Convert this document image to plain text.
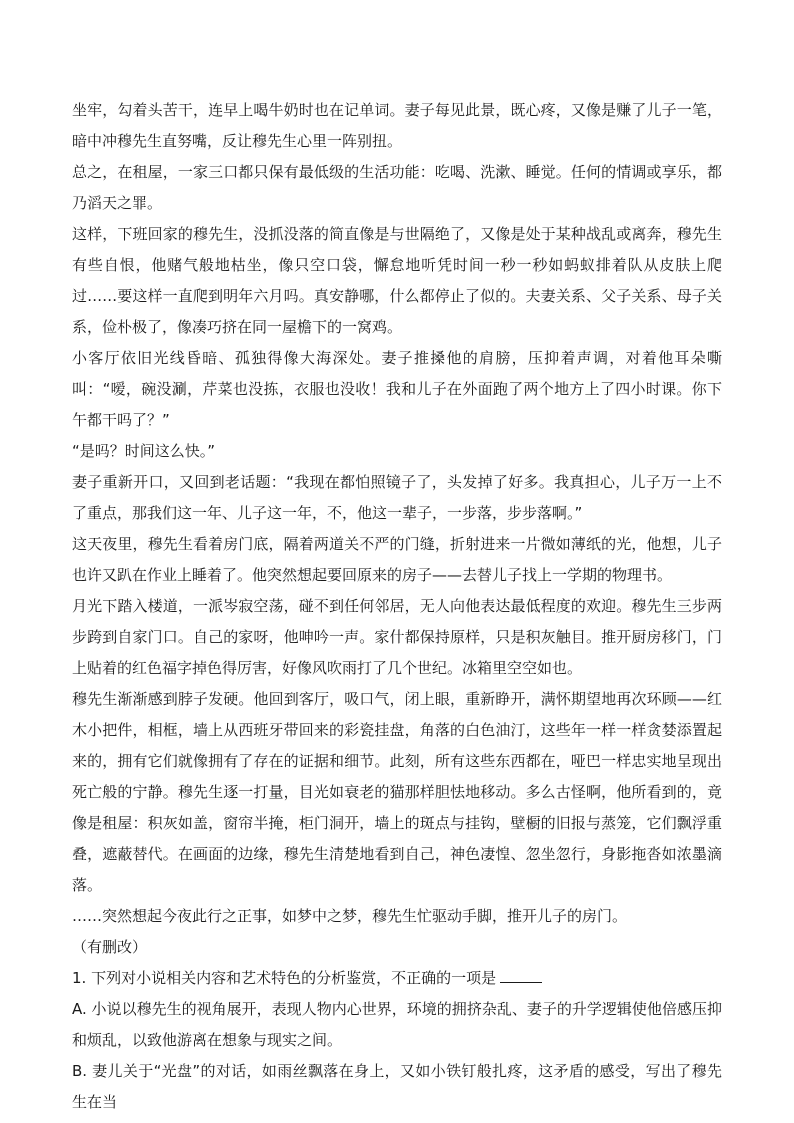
坐牢，勾着头苦干，连早上喝牛奶时也在记单词。妻子每见此景，既心疼，又像是赚了儿子一笔，暗中冲穆先生直努嘴，反让穆先生心里一阵别扭。

总之，在租屋，一家三口都只保有最低级的生活功能：吃喝、洗漱、睡觉。任何的情调或享乐，都乃滔天之罪。

这样，下班回家的穆先生，没抓没落的简直像是与世隔绝了，又像是处于某种战乱或离奔，穆先生有些自恨，他赌气般地枯坐，像只空口袋，懈怠地听凭时间一秒一秒如蚂蚁排着队从皮肤上爬过……要这样一直爬到明年六月吗。真安静哪，什么都停止了似的。夫妻关系、父子关系、母子关系，俭朴极了，像凑巧挤在同一屋檐下的一窝鸡。

小客厅依旧光线昏暗、孤独得像大海深处。妻子推搡他的肩膀，压抑着声调，对着他耳朵嘶叫：“嗳，碗没涮，芹菜也没拣，衣服也没收！我和儿子在外面跑了两个地方上了四小时课。你下午都干吗了？”

“是吗？时间这么快。”

妻子重新开口，又回到老话题：“我现在都怕照镜子了，头发掉了好多。我真担心，儿子万一上不了重点，那我们这一年、儿子这一年，不，他这一辈子，一步落，步步落啊。”

这天夜里，穆先生看着房门底，隔着两道关不严的门缝，折射进来一片微如薄纸的光，他想，儿子也许又趴在作业上睡着了。他突然想起要回原来的房子——去替儿子找上一学期的物理书。

月光下踏入楼道，一派岑寂空荡，碰不到任何邻居，无人向他表达最低程度的欢迎。穆先生三步两步跨到自家门口。自己的家呀，他呻吟一声。家什都保持原样，只是积灰触目。推开厨房移门，门上贴着的红色福字掉色得厉害，好像风吹雨打了几个世纪。冰箱里空空如也。

穆先生渐渐感到脖子发硬。他回到客厅，吸口气，闭上眼，重新睁开，满怀期望地再次环顾——红木小把件，相框，墙上从西班牙带回来的彩瓷挂盘，角落的白色油汀，这些年一样一样贪婪添置起来的，拥有它们就像拥有了存在的证据和细节。此刻，所有这些东西都在，哑巴一样忠实地呈现出死亡般的宁静。穆先生逐一打量，目光如衰老的猫那样胆怯地移动。多么古怪啊，他所看到的，竟像是租屋：积灰如盖，窗帘半掩，柜门洞开，墙上的斑点与挂钩，壁橱的旧报与蒸笼，它们飘浮重叠，遮蔽替代。在画面的边缘，穆先生清楚地看到自己，神色凄惶、忽坐忽行，身影拖沓如浓墨滴落。

……突然想起今夜此行之正事，如梦中之梦，穆先生忙驱动手脚，推开儿子的房门。

（有删改）

1. 下列对小说相关内容和艺术特色的分析鉴赏，不正确的一项是

A. 小说以穆先生的视角展开，表现人物内心世界，环境的拥挤杂乱、妻子的升学逻辑使他倍感压抑和烦乱，以致他游离在想象与现实之间。

B. 妻儿关于“光盘”的对话，如雨丝飘落在身上，又如小铁钉般扎疼，这矛盾的感受，写出了穆先生在当
